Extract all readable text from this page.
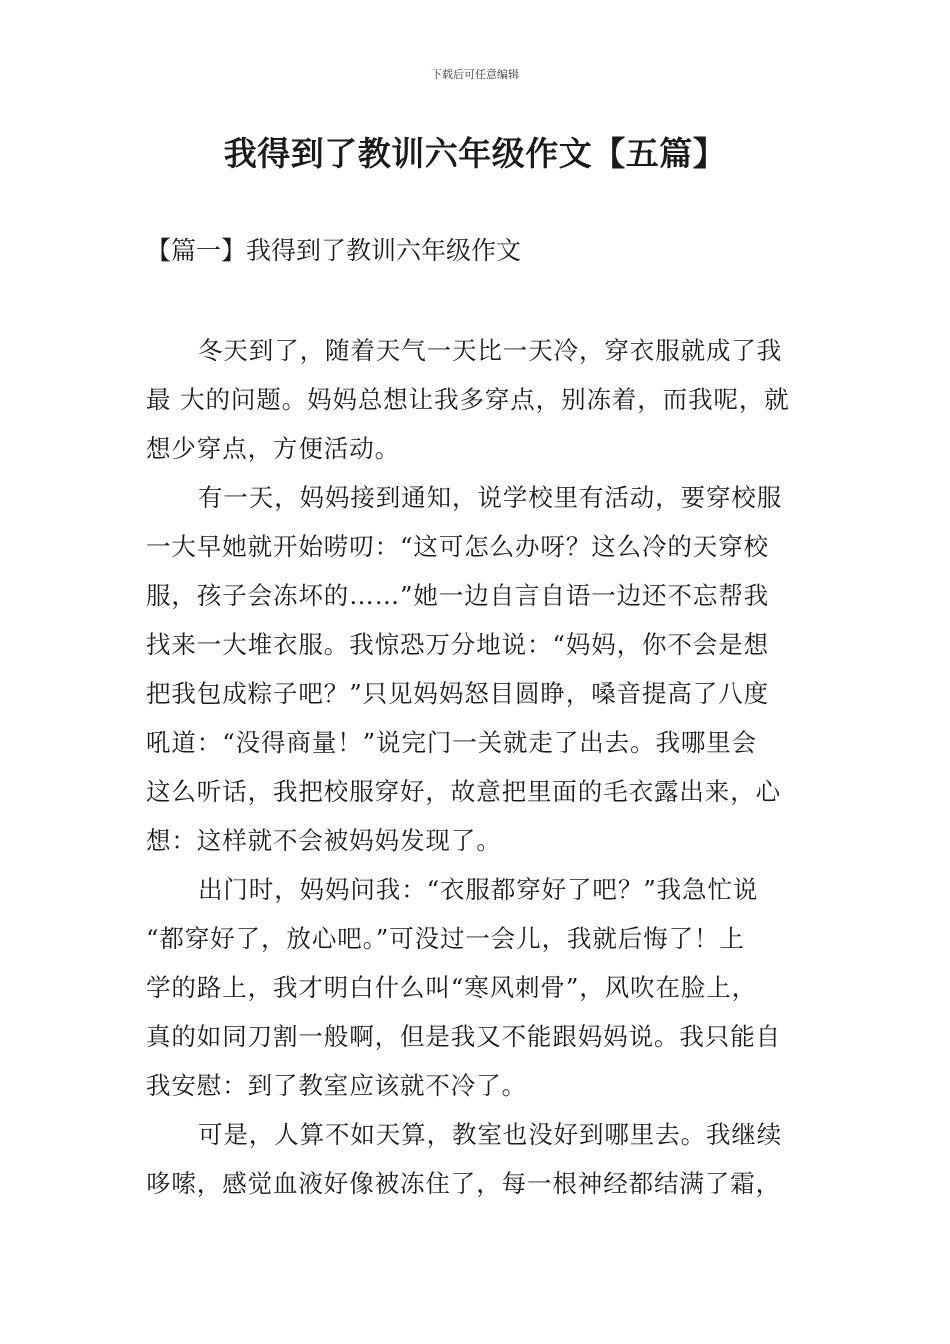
下载后可任意编辑
我得到了教训六年级作文【五篇】
【篇一】我得到了教训六年级作文
冬天到了，随着天气一天比一天冷，穿衣服就成了我
最 大的问题。妈妈总想让我多穿点，别冻着，而我呢，就
想少穿点，方便活动。
有一天，妈妈接到通知，说学校里有活动，要穿校服
一大早她就开始唠叨：“这可怎么办呀？这么冷的天穿校
服，孩子会冻坏的……”她一边自言自语一边还不忘帮我
找来一大堆衣服。我惊恐万分地说：“妈妈，你不会是想
把我包成粽子吧？”只见妈妈怒目圆睁，嗓音提高了八度
吼道：“没得商量！”说完门一关就走了出去。我哪里会
这么听话，我把校服穿好，故意把里面的毛衣露出来，心
想：这样就不会被妈妈发现了。
出门时，妈妈问我：“衣服都穿好了吧？”我急忙说
“都穿好了，放心吧。”可没过一会儿，我就后悔了！上
学的路上，我才明白什么叫“寒风刺骨”，风吹在脸上，
真的如同刀割一般啊，但是我又不能跟妈妈说。我只能自
我安慰：到了教室应该就不冷了。
可是，人算不如天算，教室也没好到哪里去。我继续
哆嗦，感觉血液好像被冻住了，每一根神经都结满了霜，
